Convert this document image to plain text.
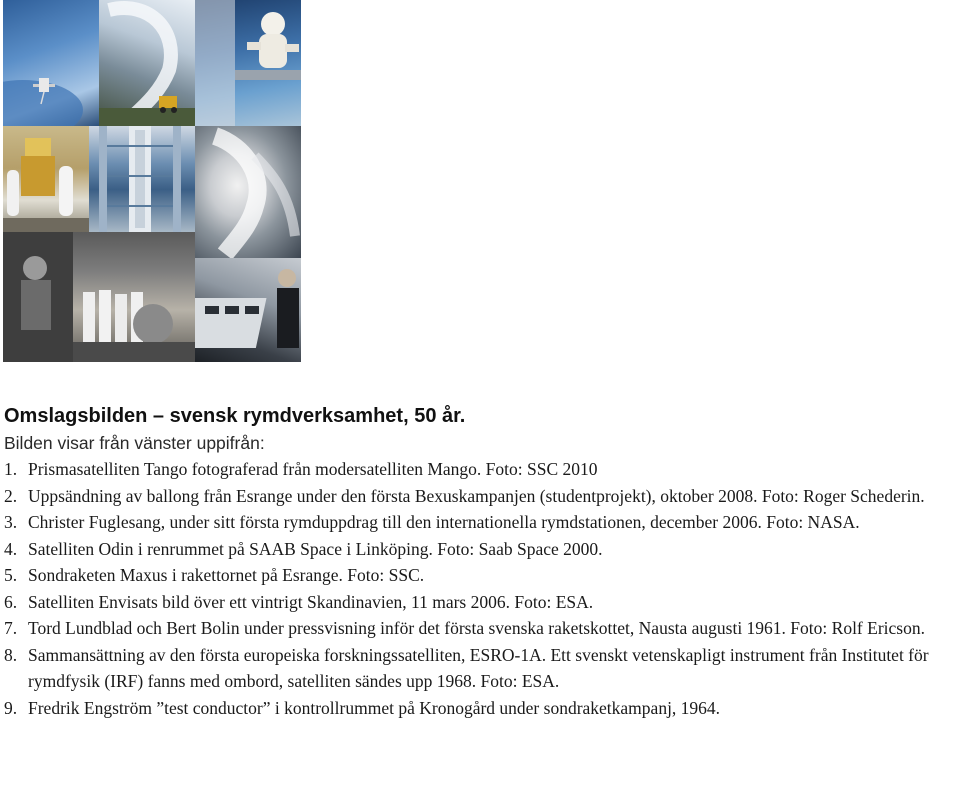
Omslagsbilden – svensk rymdverksamhet, 50 år.

Bilden visar från vänster uppifrån:

1. Prismasatelliten Tango fotograferad från modersatelliten Mango. Foto: SSC 2010
2. Uppsändning av ballong från Esrange under den första Bexuskampanjen (studentprojekt), oktober 2008. Foto: Roger Schederin.
3. Christer Fuglesang, under sitt första rymduppdrag till den internationella rymdstationen, december 2006. Foto: NASA.
4. Satelliten Odin i renrummet på SAAB Space i Linköping. Foto: Saab Space 2000.
5. Sondraketen Maxus i rakettornet på Esrange. Foto: SSC.
6. Satelliten Envisats bild över ett vintrigt Skandinavien, 11 mars 2006. Foto: ESA.
7. Tord Lundblad och Bert Bolin under pressvisning inför det första svenska raketskottet, Nausta augusti 1961. Foto: Rolf Ericson.
8. Sammansättning av den första europeiska forskningssatelliten, ESRO-1A. Ett svenskt vetenskapligt instrument från Institutet för rymdfysik (IRF) fanns med ombord, satelliten sändes upp 1968. Foto: ESA.
9. Fredrik Engström ”test conductor” i kontrollrummet på Kronogård under sondraketkampanj, 1964.
